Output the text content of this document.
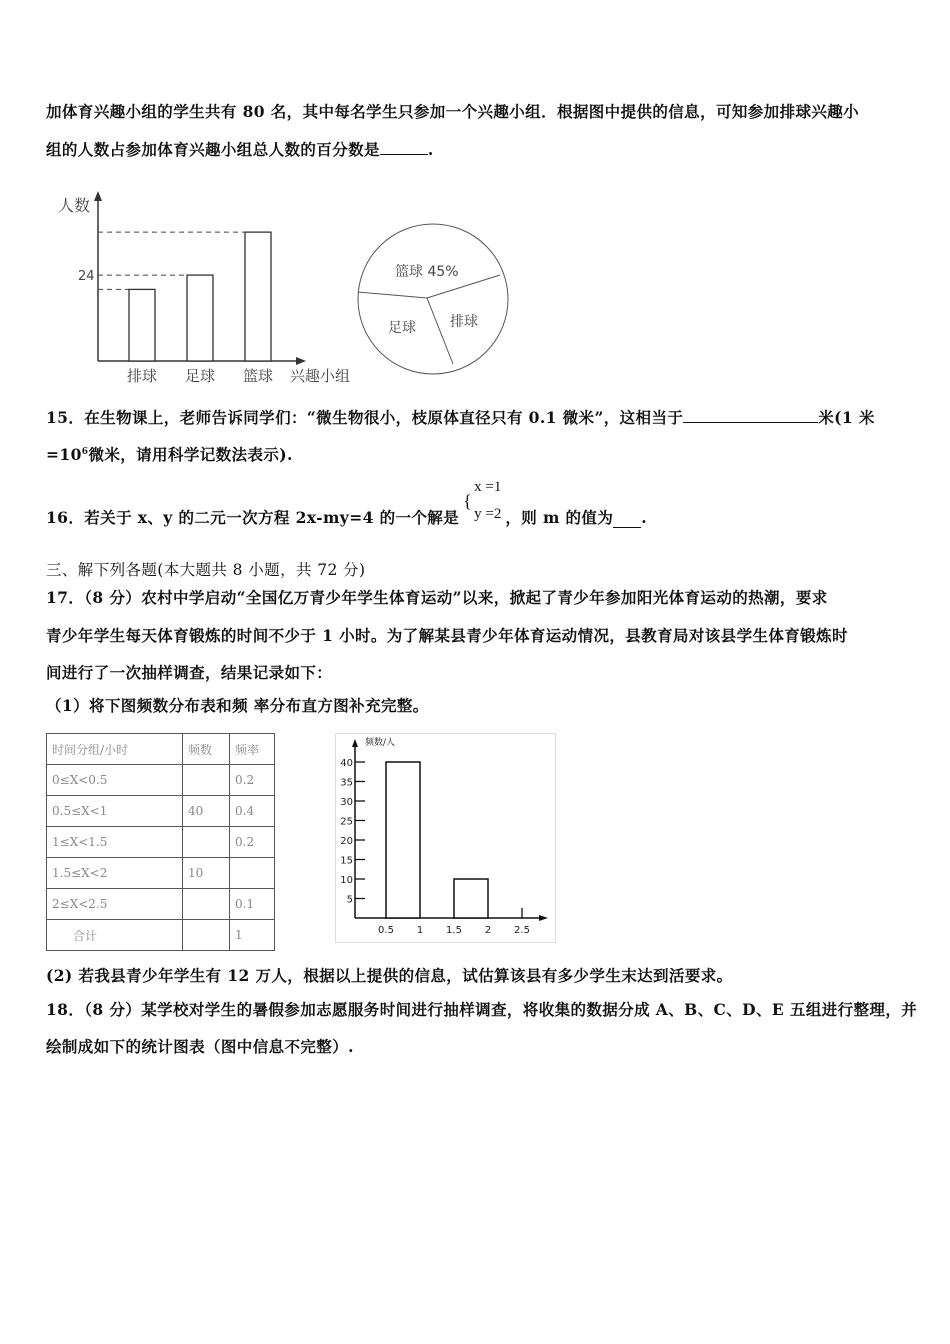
加体育兴趣小组的学生共有 80 名，其中每名学生只参加一个兴趣小组．根据图中提供的信息，可知参加排球兴趣小
组的人数占参加体育兴趣小组总人数的百分数是	.
人数
兴趣小组
排球 足球 篮球
24	篮球 45%
排球
足球
15．在生物课上，老师告诉同学们：“微生物很小，枝原体直径只有 0.1 微米”，这相当于	米(1 米
$=10^6$微米，请用科学记数法表示).
16．若关于 x、y 的二元一次方程 2x-my=4 的一个解是
{
x =1
y =2 ，则 m 的值为 .
三、解下列各题(本大题共 8 小题，共 72 分)
17．（8 分）农村中学启动“全国亿万青少年学生体育运动”以来，掀起了青少年参加阳光体育运动的热潮，要求
青少年学生每天体育锻炼的时间不少于 1 小时。为了解某县青少年体育运动情况，县教育局对该县学生体育锻炼时
间进行了一次抽样调查，结果记录如下：
（1）将下图频数分布表和频 率分布直方图补充完整。
时间分组/小时	频数	频率
0≤X<0.5		0.2
0.5≤X<1	40	0.4
1≤X<1.5		0.2
1.5≤X<2	10	
2≤X<2.5		0.1
合计		1
频数/人
5
10
15
20
25
30
35
40
0.5 1 1.5 2 2.5
(2) 若我县青少年学生有 12 万人，根据以上提供的信息，试估算该县有多少学生末达到活要求。
18．（8 分）某学校对学生的暑假参加志愿服务时间进行抽样调查，将收集的数据分成 A、B、C、D、E 五组进行整理，并
绘制成如下的统计图表（图中信息不完整）.
